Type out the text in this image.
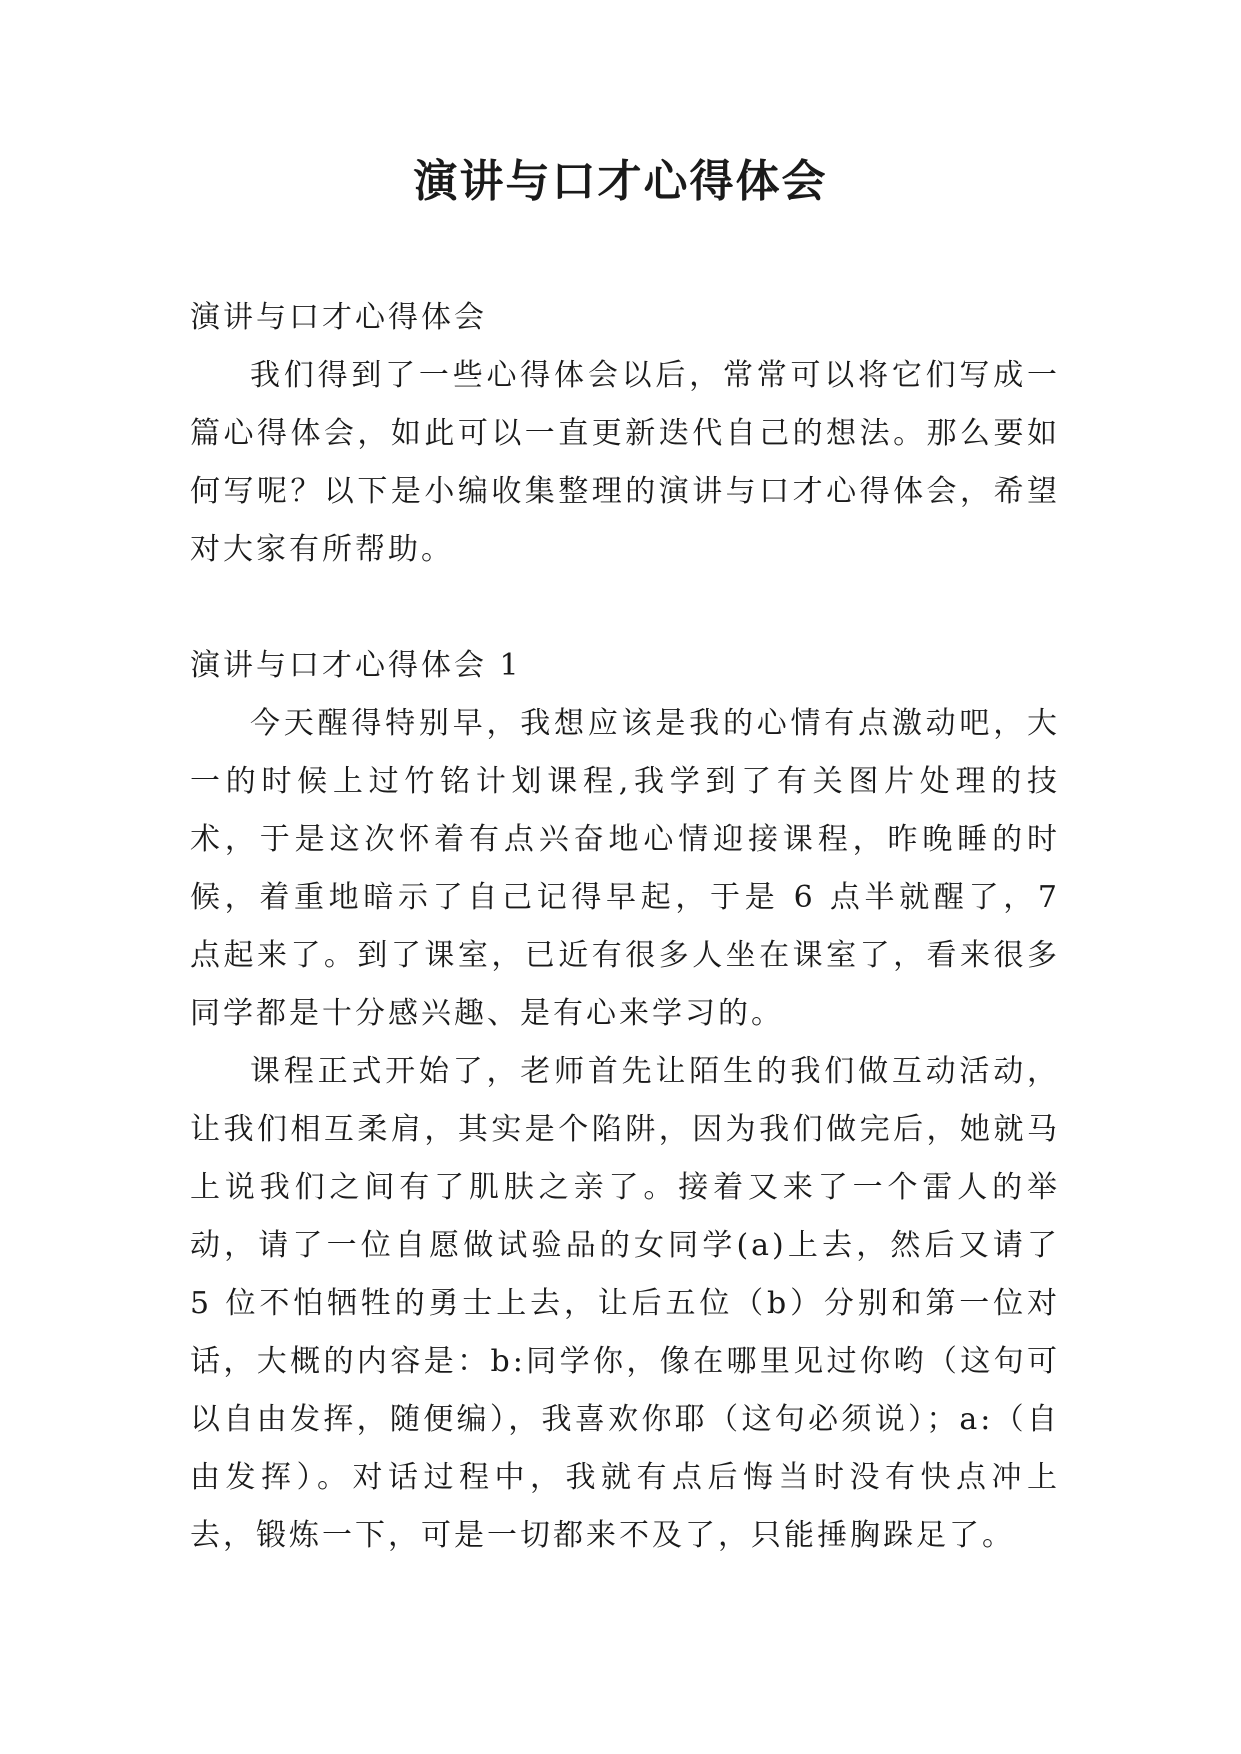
演讲与口才心得体会
演讲与口才心得体会

我们得到了一些心得体会以后，常常可以将它们写成一篇心得体会，如此可以一直更新迭代自己的想法。那么要如何写呢？以下是小编收集整理的演讲与口才心得体会，希望对大家有所帮助。

演讲与口才心得体会 1

今天醒得特别早，我想应该是我的心情有点激动吧，大一的时候上过竹铭计划课程,我学到了有关图片处理的技术，于是这次怀着有点兴奋地心情迎接课程，昨晚睡的时候，着重地暗示了自己记得早起，于是 6 点半就醒了，7 点起来了。到了课室，已近有很多人坐在课室了，看来很多同学都是十分感兴趣、是有心来学习的。

课程正式开始了，老师首先让陌生的我们做互动活动，让我们相互柔肩，其实是个陷阱，因为我们做完后，她就马上说我们之间有了肌肤之亲了。接着又来了一个雷人的举动，请了一位自愿做试验品的女同学(a)上去，然后又请了 5 位不怕牺牲的勇士上去，让后五位（b）分别和第一位对话，大概的内容是：b:同学你，像在哪里见过你哟（这句可以自由发挥，随便编），我喜欢你耶（这句必须说）；a:（自由发挥）。对话过程中，我就有点后悔当时没有快点冲上去，锻炼一下，可是一切都来不及了，只能捶胸跺足了。
